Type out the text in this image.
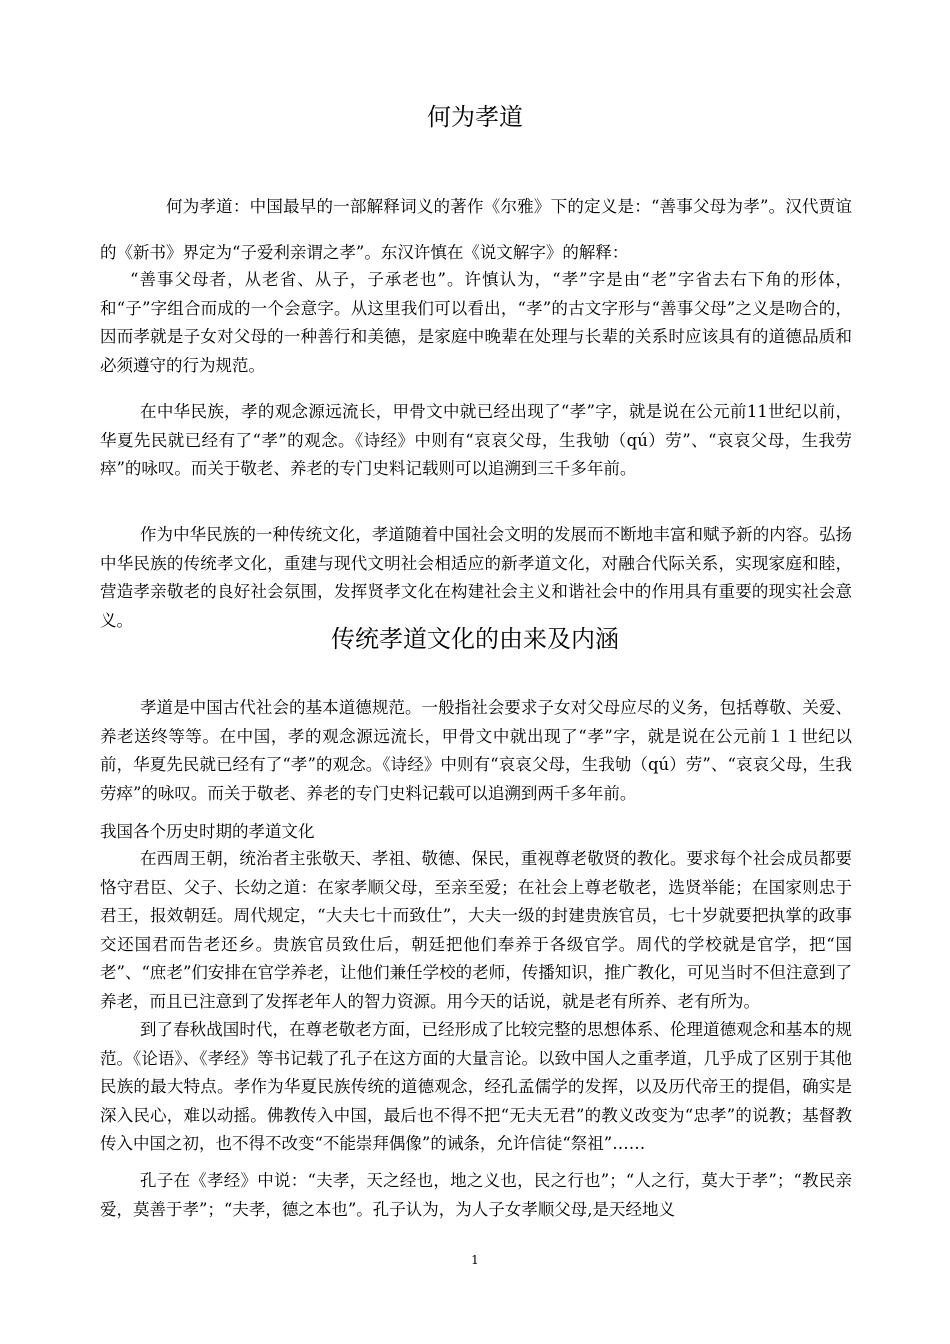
何为孝道

何为孝道：中国最早的一部解释词义的著作《尔雅》下的定义是：“善事父母为孝”。汉代贾谊的《新书》界定为“子爱利亲谓之孝”。东汉许慎在《说文解字》的解释：

“善事父母者，从老省、从子，子承老也”。许慎认为，“孝”字是由“老”字省去右下角的形体，和“子”字组合而成的一个会意字。从这里我们可以看出，“孝”的古文字形与“善事父母”之义是吻合的，因而孝就是子女对父母的一种善行和美德，是家庭中晚辈在处理与长辈的关系时应该具有的道德品质和必须遵守的行为规范。

在中华民族，孝的观念源远流长，甲骨文中就已经出现了“孝”字，就是说在公元前11世纪以前，华夏先民就已经有了“孝”的观念。《诗经》中则有“哀哀父母，生我劬（qú）劳”、“哀哀父母，生我劳瘁”的咏叹。而关于敬老、养老的专门史料记载则可以追溯到三千多年前。

作为中华民族的一种传统文化，孝道随着中国社会文明的发展而不断地丰富和赋予新的内容。弘扬中华民族的传统孝文化，重建与现代文明社会相适应的新孝道文化，对融合代际关系，实现家庭和睦，营造孝亲敬老的良好社会氛围，发挥贤孝文化在构建社会主义和谐社会中的作用具有重要的现实社会意义。

传统孝道文化的由来及内涵

孝道是中国古代社会的基本道德规范。一般指社会要求子女对父母应尽的义务，包括尊敬、关爱、养老送终等等。在中国，孝的观念源远流长，甲骨文中就出现了“孝”字，就是说在公元前１１世纪以前，华夏先民就已经有了“孝”的观念。《诗经》中则有“哀哀父母，生我劬（qú）劳”、“哀哀父母，生我劳瘁”的咏叹。而关于敬老、养老的专门史料记载可以追溯到两千多年前。

我国各个历史时期的孝道文化

在西周王朝，统治者主张敬天、孝祖、敬德、保民，重视尊老敬贤的教化。要求每个社会成员都要恪守君臣、父子、长幼之道：在家孝顺父母，至亲至爱；在社会上尊老敬老，选贤举能；在国家则忠于君王，报效朝廷。周代规定，“大夫七十而致仕”，大夫一级的封建贵族官员，七十岁就要把执掌的政事交还国君而告老还乡。贵族官员致仕后，朝廷把他们奉养于各级官学。周代的学校就是官学，把“国老”、“庶老”们安排在官学养老，让他们兼任学校的老师，传播知识，推广教化，可见当时不但注意到了养老，而且已注意到了发挥老年人的智力资源。用今天的话说，就是老有所养、老有所为。

到了春秋战国时代，在尊老敬老方面，已经形成了比较完整的思想体系、伦理道德观念和基本的规范。《论语》、《孝经》等书记载了孔子在这方面的大量言论。以致中国人之重孝道，几乎成了区别于其他民族的最大特点。孝作为华夏民族传统的道德观念，经孔孟儒学的发挥，以及历代帝王的提倡，确实是深入民心，难以动摇。佛教传入中国，最后也不得不把“无夫无君”的教义改变为“忠孝”的说教；基督教传入中国之初，也不得不改变“不能崇拜偶像”的诫条，允许信徒“祭祖”……

孔子在《孝经》中说：“夫孝，天之经也，地之义也，民之行也”；“人之行，莫大于孝”；“教民亲爱，莫善于孝”；“夫孝，德之本也”。孔子认为，为人子女孝顺父母,是天经地义

1
